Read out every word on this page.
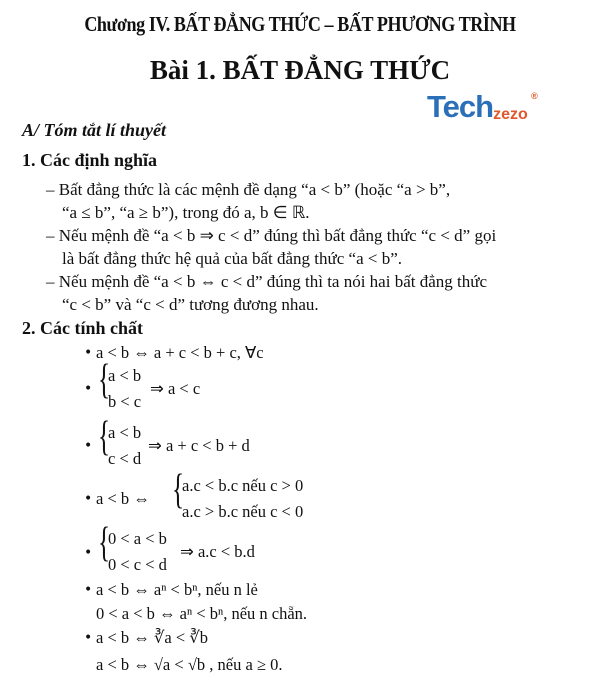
Chương IV. BẤT ĐẲNG THỨC – BẤT PHƯƠNG TRÌNH
Bài 1. BẤT ĐẲNG THỨC
Techzezo
®
A/ Tóm tắt lí thuyết
1. Các định nghĩa
– Bất đẳng thức là các mệnh đề dạng “a < b” (hoặc “a > b”,
“a ≤ b”, “a ≥ b”), trong đó a, b ∈ ℝ.
– Nếu mệnh đề “a < b ⇒ c < d” đúng thì bất đẳng thức “c < d” gọi
là bất đẳng thức hệ quả của bất đẳng thức “a < b”.
– Nếu mệnh đề “a < b ⇔ c < d” đúng thì ta nói hai bất đẳng thức
“c < b” và “c < d” tương đương nhau.
2. Các tính chất
• a < b ⇔ a + c < b + c, ∀c
• {
a < b
b < c
⇒ a < c
• {
a < b
c < d
⇒ a + c < b + d
• a < b ⇔ {
a.c < b.c nếu c > 0
a.c > b.c nếu c < 0
• {
0 < a < b
0 < c < d
⇒ a.c < b.d
• a < b ⇔ aⁿ < bⁿ, nếu n lẻ
0 < a < b ⇔ aⁿ < bⁿ, nếu n chẵn.
• a < b ⇔ ∛a < ∛b
a < b ⇔ √a < √b , nếu a ≥ 0.
